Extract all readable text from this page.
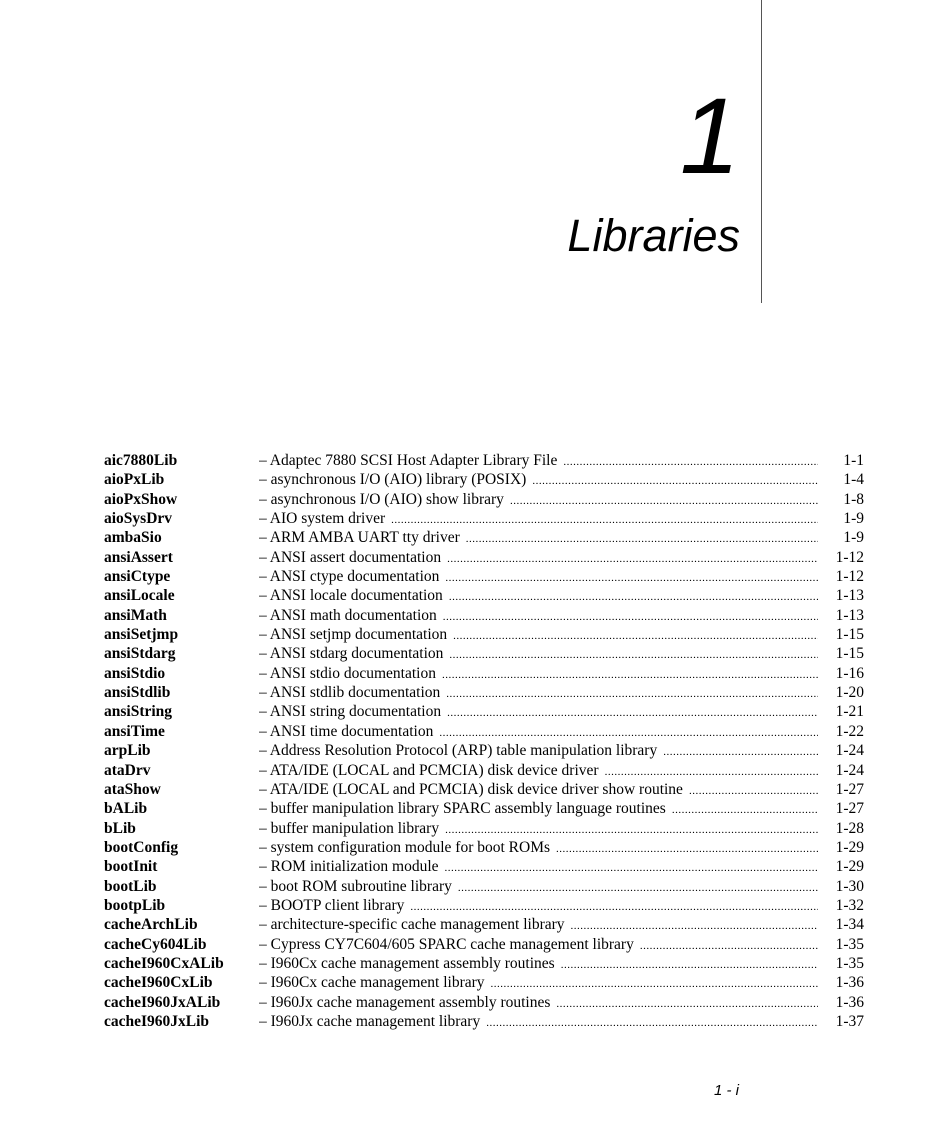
1
Libraries
aic7880Lib	– Adaptec 7880 SCSI Host Adapter Library File .....	1-1
aioPxLib	– asynchronous I/O (AIO) library (POSIX) .....	1-4
aioPxShow	– asynchronous I/O (AIO) show library .....	1-8
aioSysDrv	– AIO system driver .....	1-9
ambaSio	– ARM AMBA UART tty driver .....	1-9
ansiAssert	– ANSI assert documentation .....	1-12
ansiCtype	– ANSI ctype documentation .....	1-12
ansiLocale	– ANSI locale documentation .....	1-13
ansiMath	– ANSI math documentation .....	1-13
ansiSetjmp	– ANSI setjmp documentation .....	1-15
ansiStdarg	– ANSI stdarg documentation .....	1-15
ansiStdio	– ANSI stdio documentation .....	1-16
ansiStdlib	– ANSI stdlib documentation .....	1-20
ansiString	– ANSI string documentation .....	1-21
ansiTime	– ANSI time documentation .....	1-22
arpLib	– Address Resolution Protocol (ARP) table manipulation library .....	1-24
ataDrv	– ATA/IDE (LOCAL and PCMCIA) disk device driver .....	1-24
ataShow	– ATA/IDE (LOCAL and PCMCIA) disk device driver show routine .....	1-27
bALib	– buffer manipulation library SPARC assembly language routines .....	1-27
bLib	– buffer manipulation library .....	1-28
bootConfig	– system configuration module for boot ROMs .....	1-29
bootInit	– ROM initialization module .....	1-29
bootLib	– boot ROM subroutine library .....	1-30
bootpLib	– BOOTP client library .....	1-32
cacheArchLib	– architecture-specific cache management library .....	1-34
cacheCy604Lib	– Cypress CY7C604/605 SPARC cache management library .....	1-35
cacheI960CxALib – I960Cx cache management assembly routines .....	1-35
cacheI960CxLib	– I960Cx cache management library .....	1-36
cacheI960JxALib	– I960Jx cache management assembly routines .....	1-36
cacheI960JxLib	– I960Jx cache management library .....	1-37
1 - i
